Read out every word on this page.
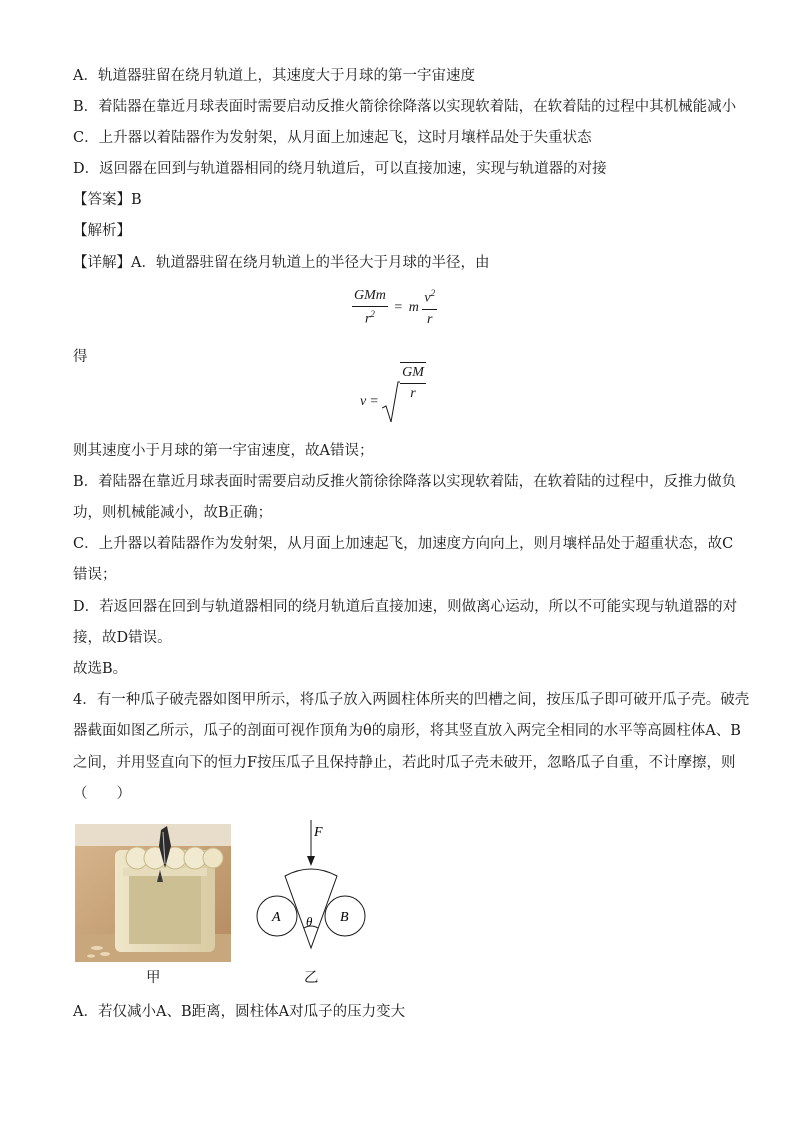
A．轨道器驻留在绕月轨道上，其速度大于月球的第一宇宙速度
B．着陆器在靠近月球表面时需要启动反推火箭徐徐降落以实现软着陆，在软着陆的过程中其机械能减小
C．上升器以着陆器作为发射架，从月面上加速起飞，这时月壤样品处于失重状态
D．返回器在回到与轨道器相同的绕月轨道后，可以直接加速，实现与轨道器的对接
【答案】B
【解析】
【详解】A．轨道器驻留在绕月轨道上的半径大于月球的半径，由
$\frac{\text{GMm}}{r^2} = m \frac{v^2}{r}$
得
$v = \frac{GM}{r}$
则其速度小于月球的第一宇宙速度，故A错误；
B．着陆器在靠近月球表面时需要启动反推火箭徐徐降落以实现软着陆，在软着陆的过程中，反推力做负
功，则机械能减小，故B正确；
C．上升器以着陆器作为发射架，从月面上加速起飞，加速度方向向上，则月壤样品处于超重状态，故C
错误；
D．若返回器在回到与轨道器相同的绕月轨道后直接加速，则做离心运动，所以不可能实现与轨道器的对
接，故D错误。
故选B。
4．有一种瓜子破壳器如图甲所示，将瓜子放入两圆柱体所夹的凹槽之间，按压瓜子即可破开瓜子壳。破壳
器截面如图乙所示，瓜子的剖面可视作顶角为θ的扇形，将其竖直放入两完全相同的水平等高圆柱体A、B
之间，并用竖直向下的恒力F按压瓜子且保持静止，若此时瓜子壳未破开，忽略瓜子自重，不计摩擦，则
（　　）
甲
F
A	B
θ
乙
A．若仅减小A、B距离，圆柱体A对瓜子的压力变大
